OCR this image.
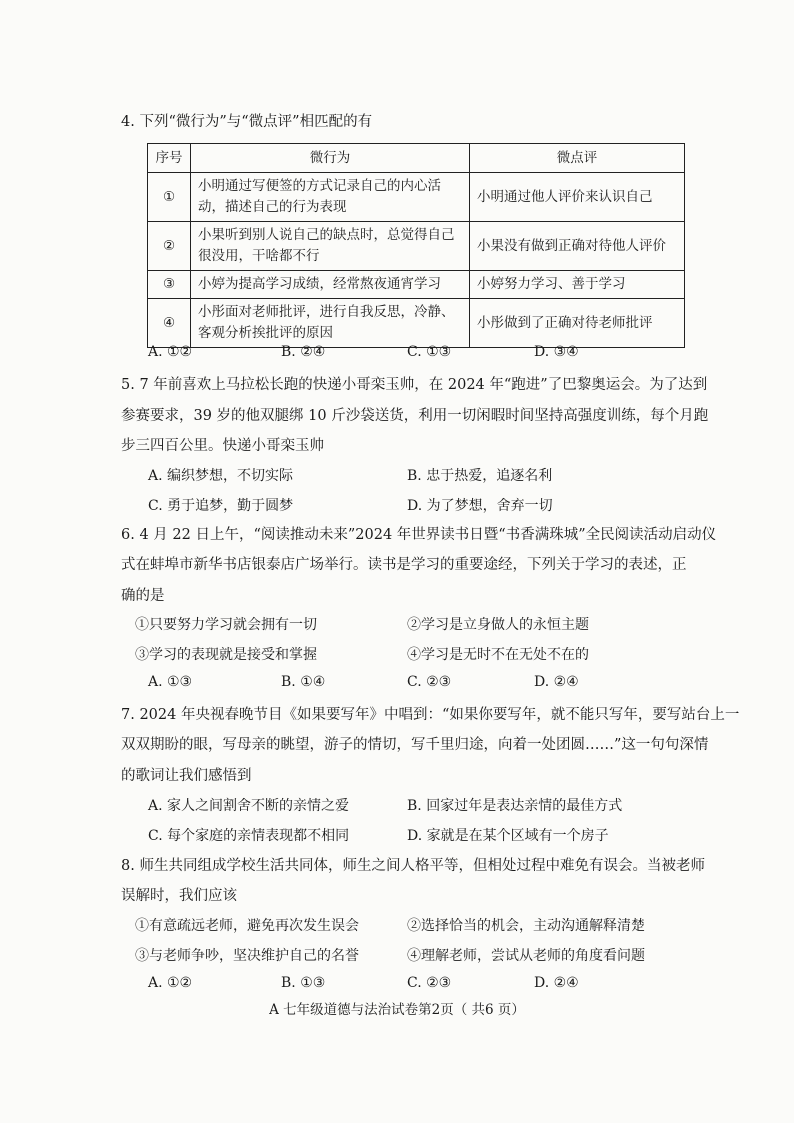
4. 下列“微行为”与“微点评”相匹配的有
序号	微行为	微点评
①	小明通过写便签的方式记录自己的内心活动，描述自己的行为表现	小明通过他人评价来认识自己
②	小果听到别人说自己的缺点时，总觉得自己很没用，干啥都不行	小果没有做到正确对待他人评价
③	小婷为提高学习成绩，经常熬夜通宵学习	小婷努力学习、善于学习
④	小彤面对老师批评，进行自我反思，冷静、客观分析挨批评的原因	小彤做到了正确对待老师批评
A. ①②	B. ②④	C. ①③	D. ③④
5. 7 年前喜欢上马拉松长跑的快递小哥栾玉帅，在 2024 年“跑进”了巴黎奥运会。为了达到
参赛要求，39 岁的他双腿绑 10 斤沙袋送货，利用一切闲暇时间坚持高强度训练，每个月跑
步三四百公里。快递小哥栾玉帅
A. 编织梦想，不切实际	B. 忠于热爱，追逐名利
C. 勇于追梦，勤于圆梦	D. 为了梦想，舍弃一切
6. 4 月 22 日上午，“阅读推动未来”2024 年世界读书日暨“书香满珠城”全民阅读活动启动仪
式在蚌埠市新华书店银泰店广场举行。读书是学习的重要途经，下列关于学习的表述，正
确的是
①只要努力学习就会拥有一切	②学习是立身做人的永恒主题
③学习的表现就是接受和掌握	④学习是无时不在无处不在的
A. ①③	B. ①④	C. ②③	D. ②④
7. 2024 年央视春晚节目《如果要写年》中唱到：“如果你要写年，就不能只写年，要写站台上一
双双期盼的眼，写母亲的眺望，游子的情切，写千里归途，向着一处团圆……”这一句句深情
的歌词让我们感悟到
A. 家人之间割舍不断的亲情之爱	B. 回家过年是表达亲情的最佳方式
C. 每个家庭的亲情表现都不相同	D. 家就是在某个区域有一个房子
8. 师生共同组成学校生活共同体，师生之间人格平等，但相处过程中难免有误会。当被老师
误解时，我们应该
①有意疏远老师，避免再次发生误会	②选择恰当的机会，主动沟通解释清楚
③与老师争吵，坚决维护自己的名誉	④理解老师，尝试从老师的角度看问题
A. ①②	B. ①③	C. ②③	D. ②④
A 七年级道德与法治试卷第2页（ 共6 页）
